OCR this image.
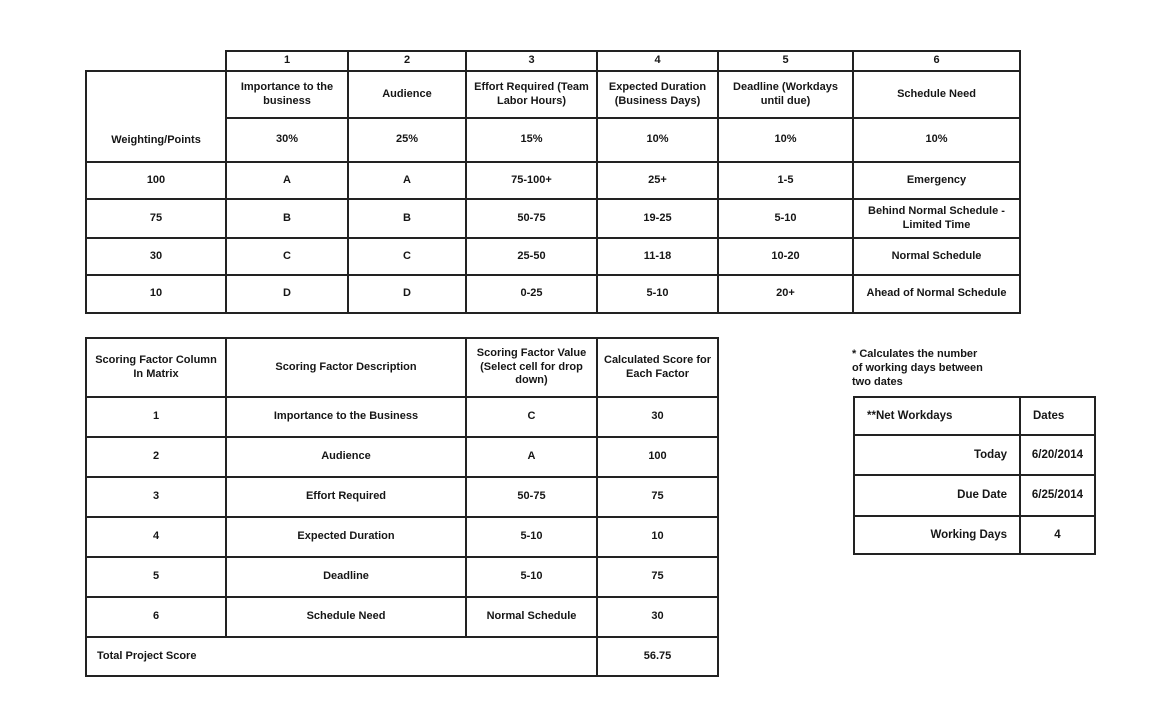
	1	2	3	4	5	6
Weighting/Points	Importance to the business	Audience	Effort Required (Team Labor Hours)	Expected Duration (Business Days)	Deadline (Workdays until due)	Schedule Need
	30%	25%	15%	10%	10%	10%
100	A	A	75-100+	25+	1-5	Emergency
75	B	B	50-75	19-25	5-10	Behind Normal Schedule - Limited Time
30	C	C	25-50	11-18	10-20	Normal Schedule
10	D	D	0-25	5-10	20+	Ahead of Normal Schedule
Scoring Factor Column In Matrix	Scoring Factor Description	Scoring Factor Value (Select cell for drop down)	Calculated Score for Each Factor
1	Importance to the Business	C	30
2	Audience	A	100
3	Effort Required	50-75	75
4	Expected Duration	5-10	10
5	Deadline	5-10	75
6	Schedule Need	Normal Schedule	30
Total Project Score			56.75
* Calculates the number
of working days between
two dates
**Net Workdays	Dates
Today	6/20/2014
Due Date	6/25/2014
Working Days	4
